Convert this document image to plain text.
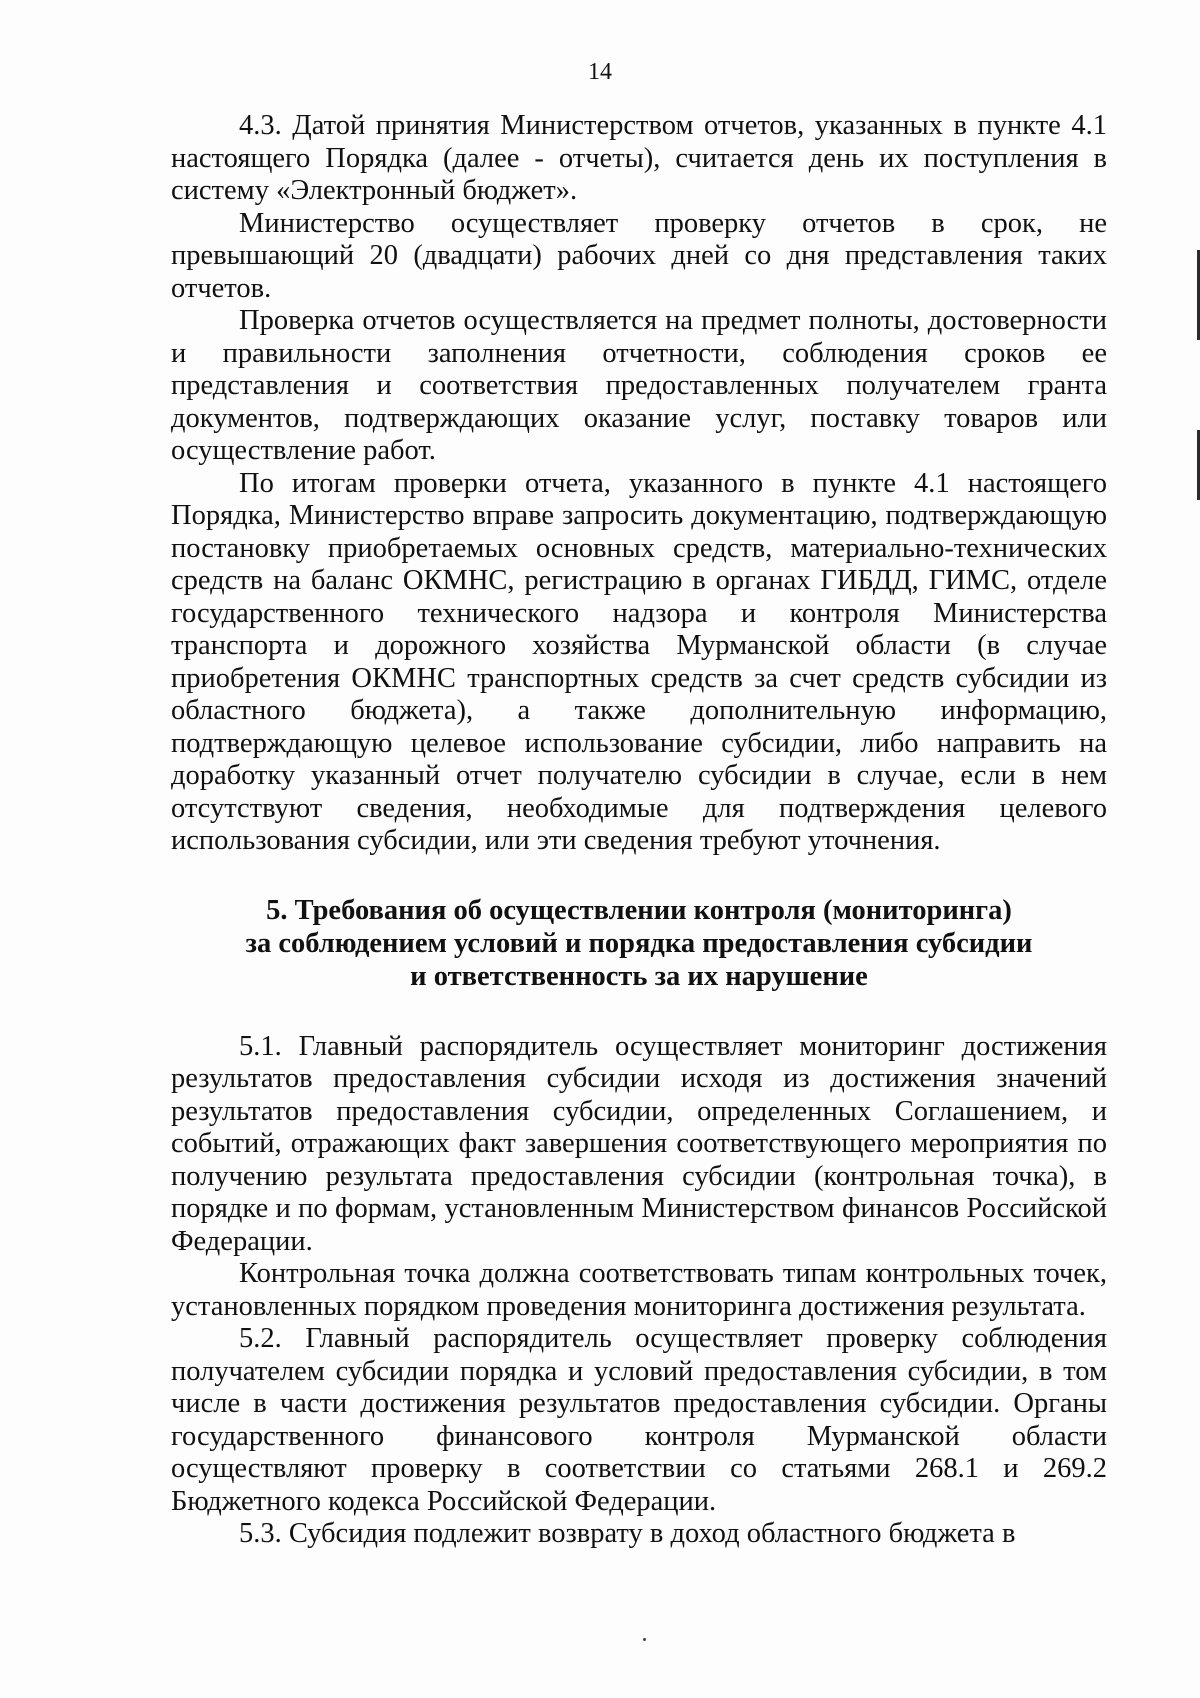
14

4.3. Датой принятия Министерством отчетов, указанных в пункте 4.1 настоящего Порядка (далее - отчеты), считается день их поступления в систему «Электронный бюджет».

Министерство осуществляет проверку отчетов в срок, не превышающий 20 (двадцати) рабочих дней со дня представления таких отчетов.

Проверка отчетов осуществляется на предмет полноты, достоверности и правильности заполнения отчетности, соблюдения сроков ее представления и соответствия предоставленных получателем гранта документов, подтверждающих оказание услуг, поставку товаров или осуществление работ.

По итогам проверки отчета, указанного в пункте 4.1 настоящего Порядка, Министерство вправе запросить документацию, подтверждающую постановку приобретаемых основных средств, материально-технических средств на баланс ОКМНС, регистрацию в органах ГИБДД, ГИМС, отделе государственного технического надзора и контроля Министерства транспорта и дорожного хозяйства Мурманской области (в случае приобретения ОКМНС транспортных средств за счет средств субсидии из областного бюджета), а также дополнительную информацию, подтверждающую целевое использование субсидии, либо направить на доработку указанный отчет получателю субсидии в случае, если в нем отсутствуют сведения, необходимые для подтверждения целевого использования субсидии, или эти сведения требуют уточнения.

5. Требования об осуществлении контроля (мониторинга)
за соблюдением условий и порядка предоставления субсидии
и ответственность за их нарушение

5.1. Главный распорядитель осуществляет мониторинг достижения результатов предоставления субсидии исходя из достижения значений результатов предоставления субсидии, определенных Соглашением, и событий, отражающих факт завершения соответствующего мероприятия по получению результата предоставления субсидии (контрольная точка), в порядке и по формам, установленным Министерством финансов Российской Федерации.

Контрольная точка должна соответствовать типам контрольных точек, установленных порядком проведения мониторинга достижения результата.

5.2. Главный распорядитель осуществляет проверку соблюдения получателем субсидии порядка и условий предоставления субсидии, в том числе в части достижения результатов предоставления субсидии. Органы государственного финансового контроля Мурманской области осуществляют проверку в соответствии со статьями 268.1 и 269.2 Бюджетного кодекса Российской Федерации.

5.3. Субсидия подлежит возврату в доход областного бюджета в
